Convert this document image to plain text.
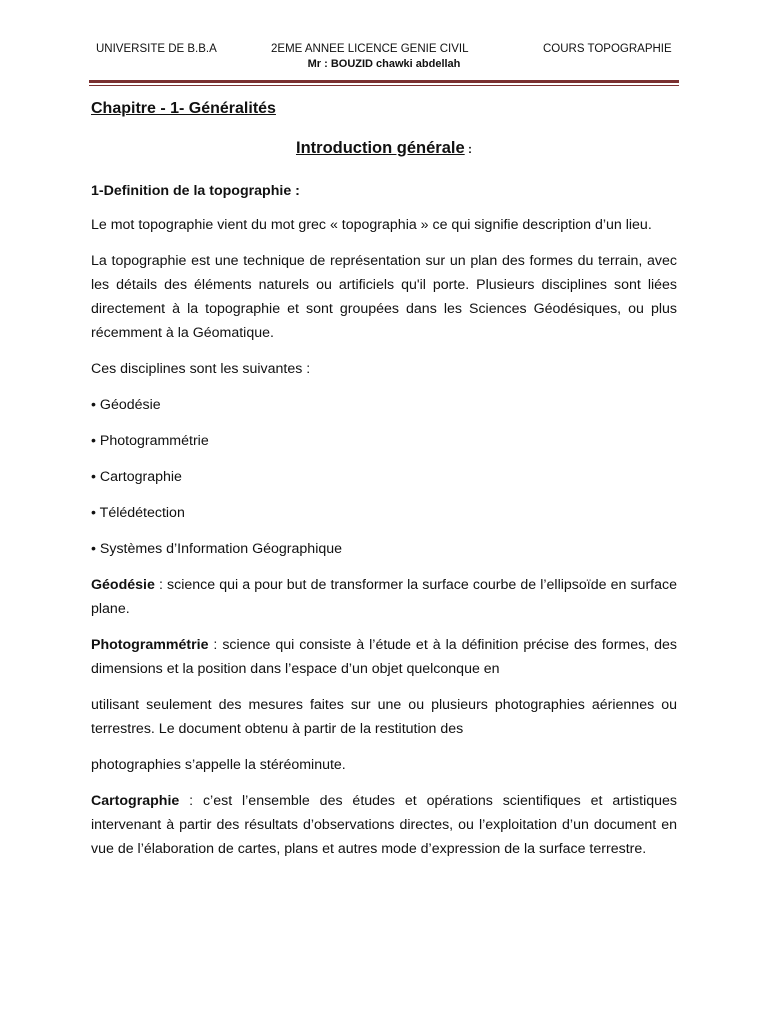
UNIVERSITE DE B.B.A	2EME ANNEE LICENCE GENIE CIVIL	COURS TOPOGRAPHIE
Mr : BOUZID chawki abdellah
Chapitre - 1- Généralités
Introduction générale :

1-Definition de la topographie :

Le mot topographie vient du mot grec « topographia » ce qui signifie description d’un lieu.

La topographie est une technique de représentation sur un plan des formes du terrain, avec les détails des éléments naturels ou artificiels qu'il porte. Plusieurs disciplines sont liées directement à la topographie et sont groupées dans les Sciences Géodésiques, ou plus récemment à la Géomatique.

Ces disciplines sont les suivantes :

• Géodésie
• Photogrammétrie
• Cartographie
• Télédétection
• Systèmes d’Information Géographique

Géodésie : science qui a pour but de transformer la surface courbe de l’ellipsoïde en surface plane.

Photogrammétrie : science qui consiste à l’étude et à la définition précise des formes, des dimensions et la position dans l’espace d’un objet quelconque en

utilisant seulement des mesures faites sur une ou plusieurs photographies aériennes ou terrestres. Le document obtenu à partir de la restitution des

photographies s’appelle la stéréominute.

Cartographie : c’est l’ensemble des études et opérations scientifiques et artistiques intervenant à partir des résultats d’observations directes, ou l’exploitation d’un document en vue de l’élaboration de cartes, plans et autres mode d’expression de la surface terrestre.
